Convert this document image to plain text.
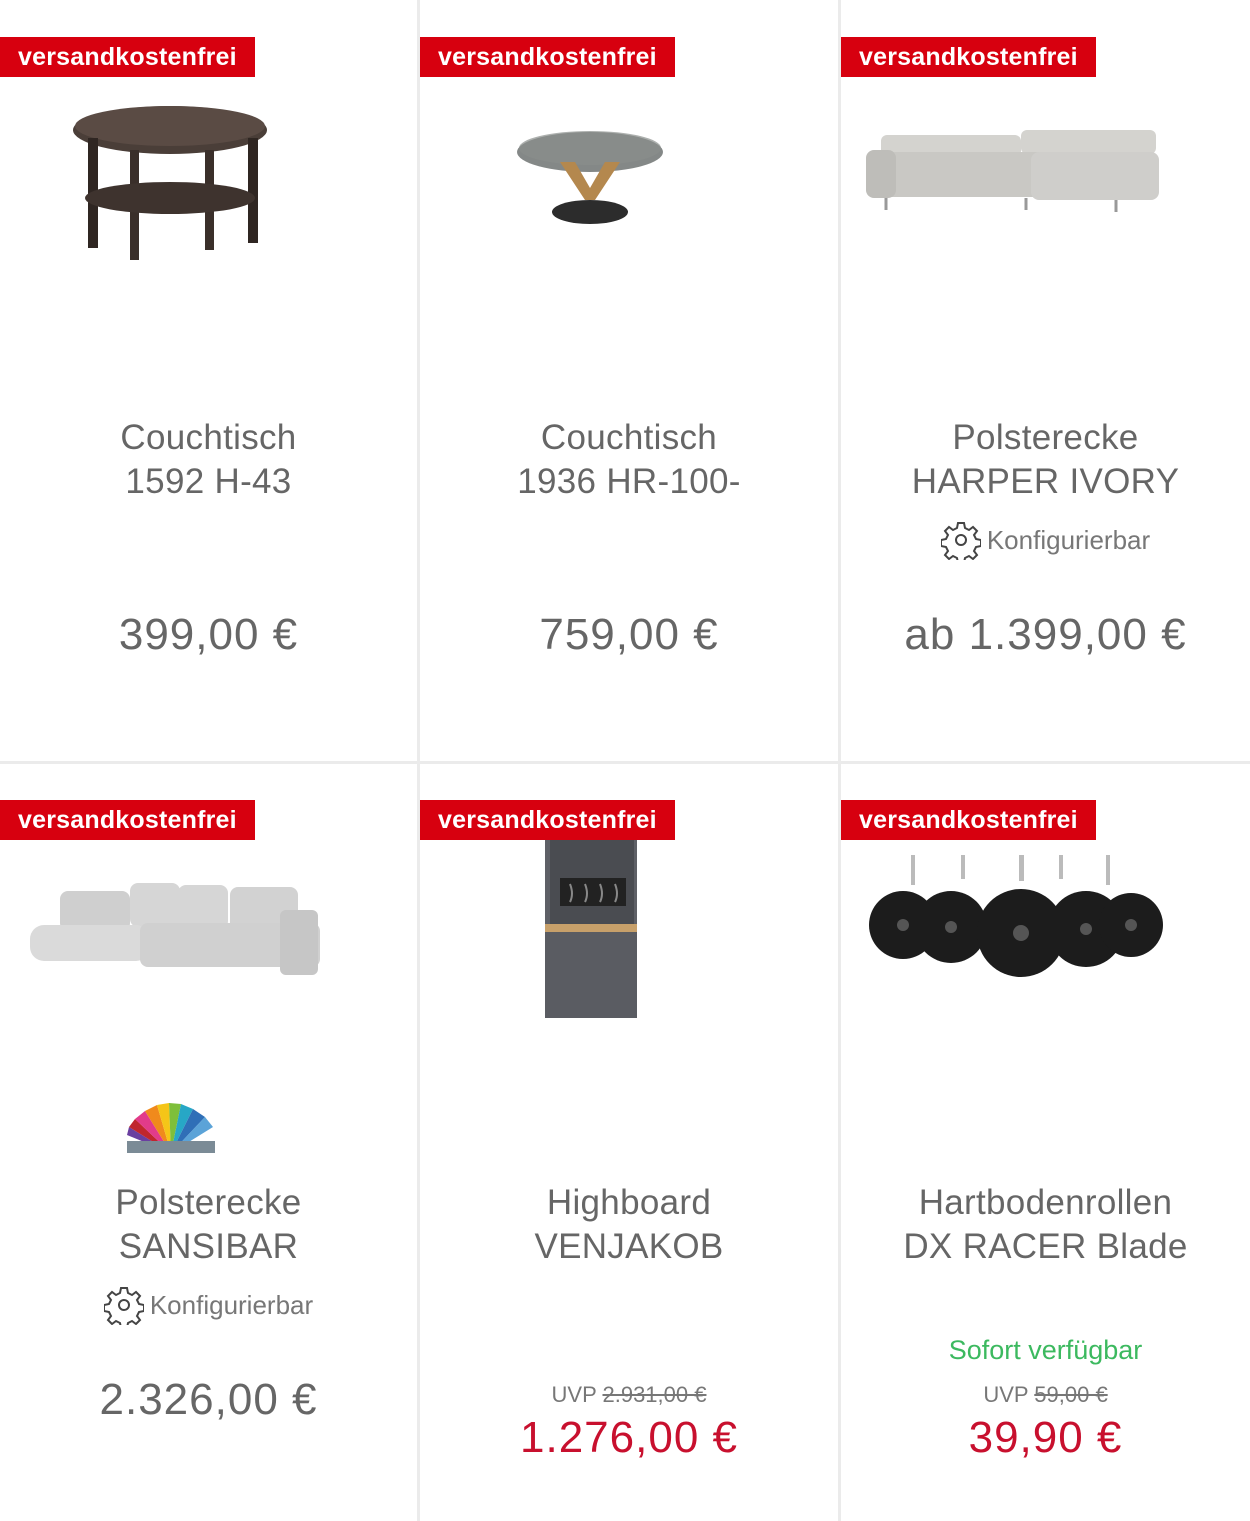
versandkostenfrei
Couchtisch
1592 H-43
399,00 €
versandkostenfrei
Couchtisch
1936 HR-100-
759,00 €
versandkostenfrei
Polsterecke
HARPER IVORY
Konfigurierbar
ab 1.399,00 €
versandkostenfrei
Polsterecke
SANSIBAR
Konfigurierbar
2.326,00 €
versandkostenfrei
Highboard
VENJAKOB
UVP 2.931,00 €
1.276,00 €
versandkostenfrei
Hartbodenrollen
DX RACER Blade
Sofort verfügbar
UVP 59,00 €
39,90 €
